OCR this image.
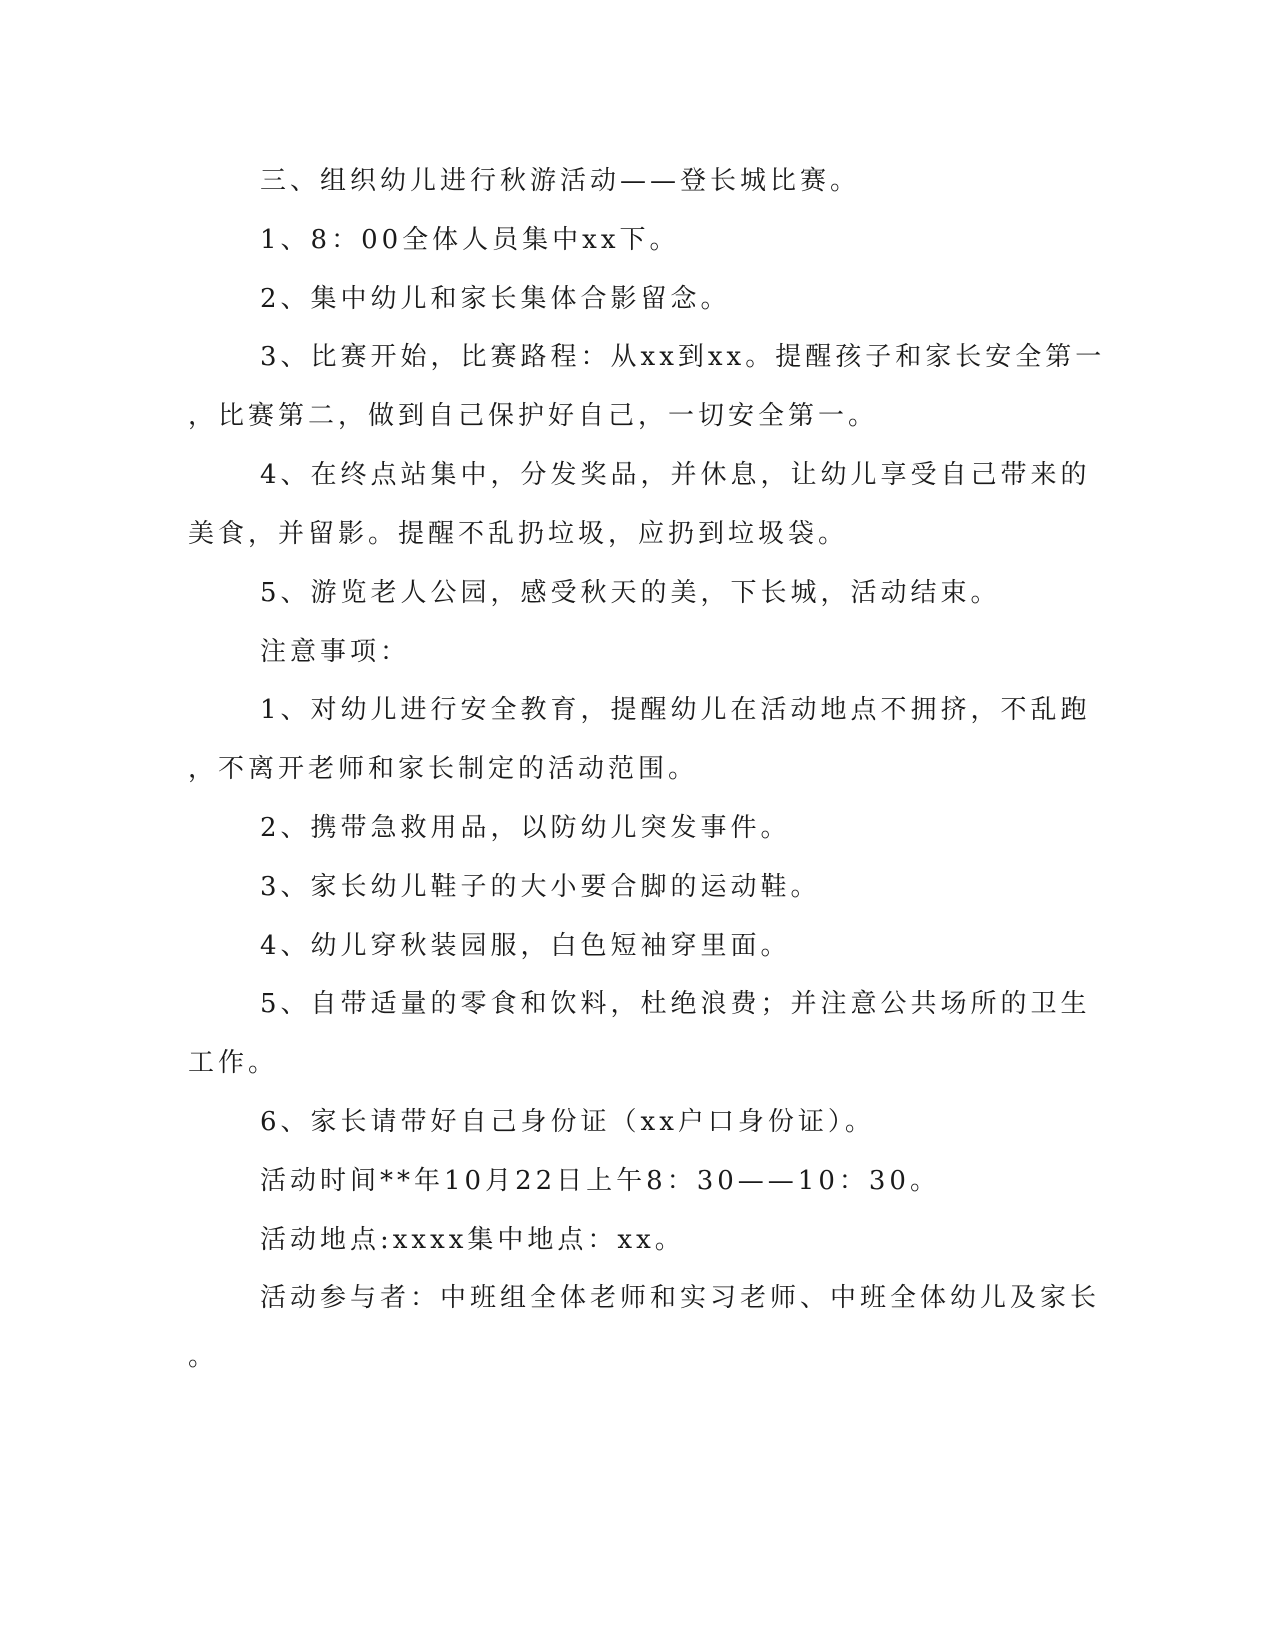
三、组织幼儿进行秋游活动——登长城比赛。
1、8：00全体人员集中xx下。
2、集中幼儿和家长集体合影留念。
3、比赛开始，比赛路程：从xx到xx。提醒孩子和家长安全第一
，比赛第二，做到自己保护好自己，一切安全第一。
4、在终点站集中，分发奖品，并休息，让幼儿享受自己带来的
美食，并留影。提醒不乱扔垃圾，应扔到垃圾袋。
5、游览老人公园，感受秋天的美，下长城，活动结束。
注意事项：
1、对幼儿进行安全教育，提醒幼儿在活动地点不拥挤，不乱跑
，不离开老师和家长制定的活动范围。
2、携带急救用品，以防幼儿突发事件。
3、家长幼儿鞋子的大小要合脚的运动鞋。
4、幼儿穿秋装园服，白色短袖穿里面。
5、自带适量的零食和饮料，杜绝浪费；并注意公共场所的卫生
工作。
6、家长请带好自己身份证（xx户口身份证）。
活动时间**年10月22日上午8：30——10：30。
活动地点:xxxx集中地点：xx。
活动参与者：中班组全体老师和实习老师、中班全体幼儿及家长
。
